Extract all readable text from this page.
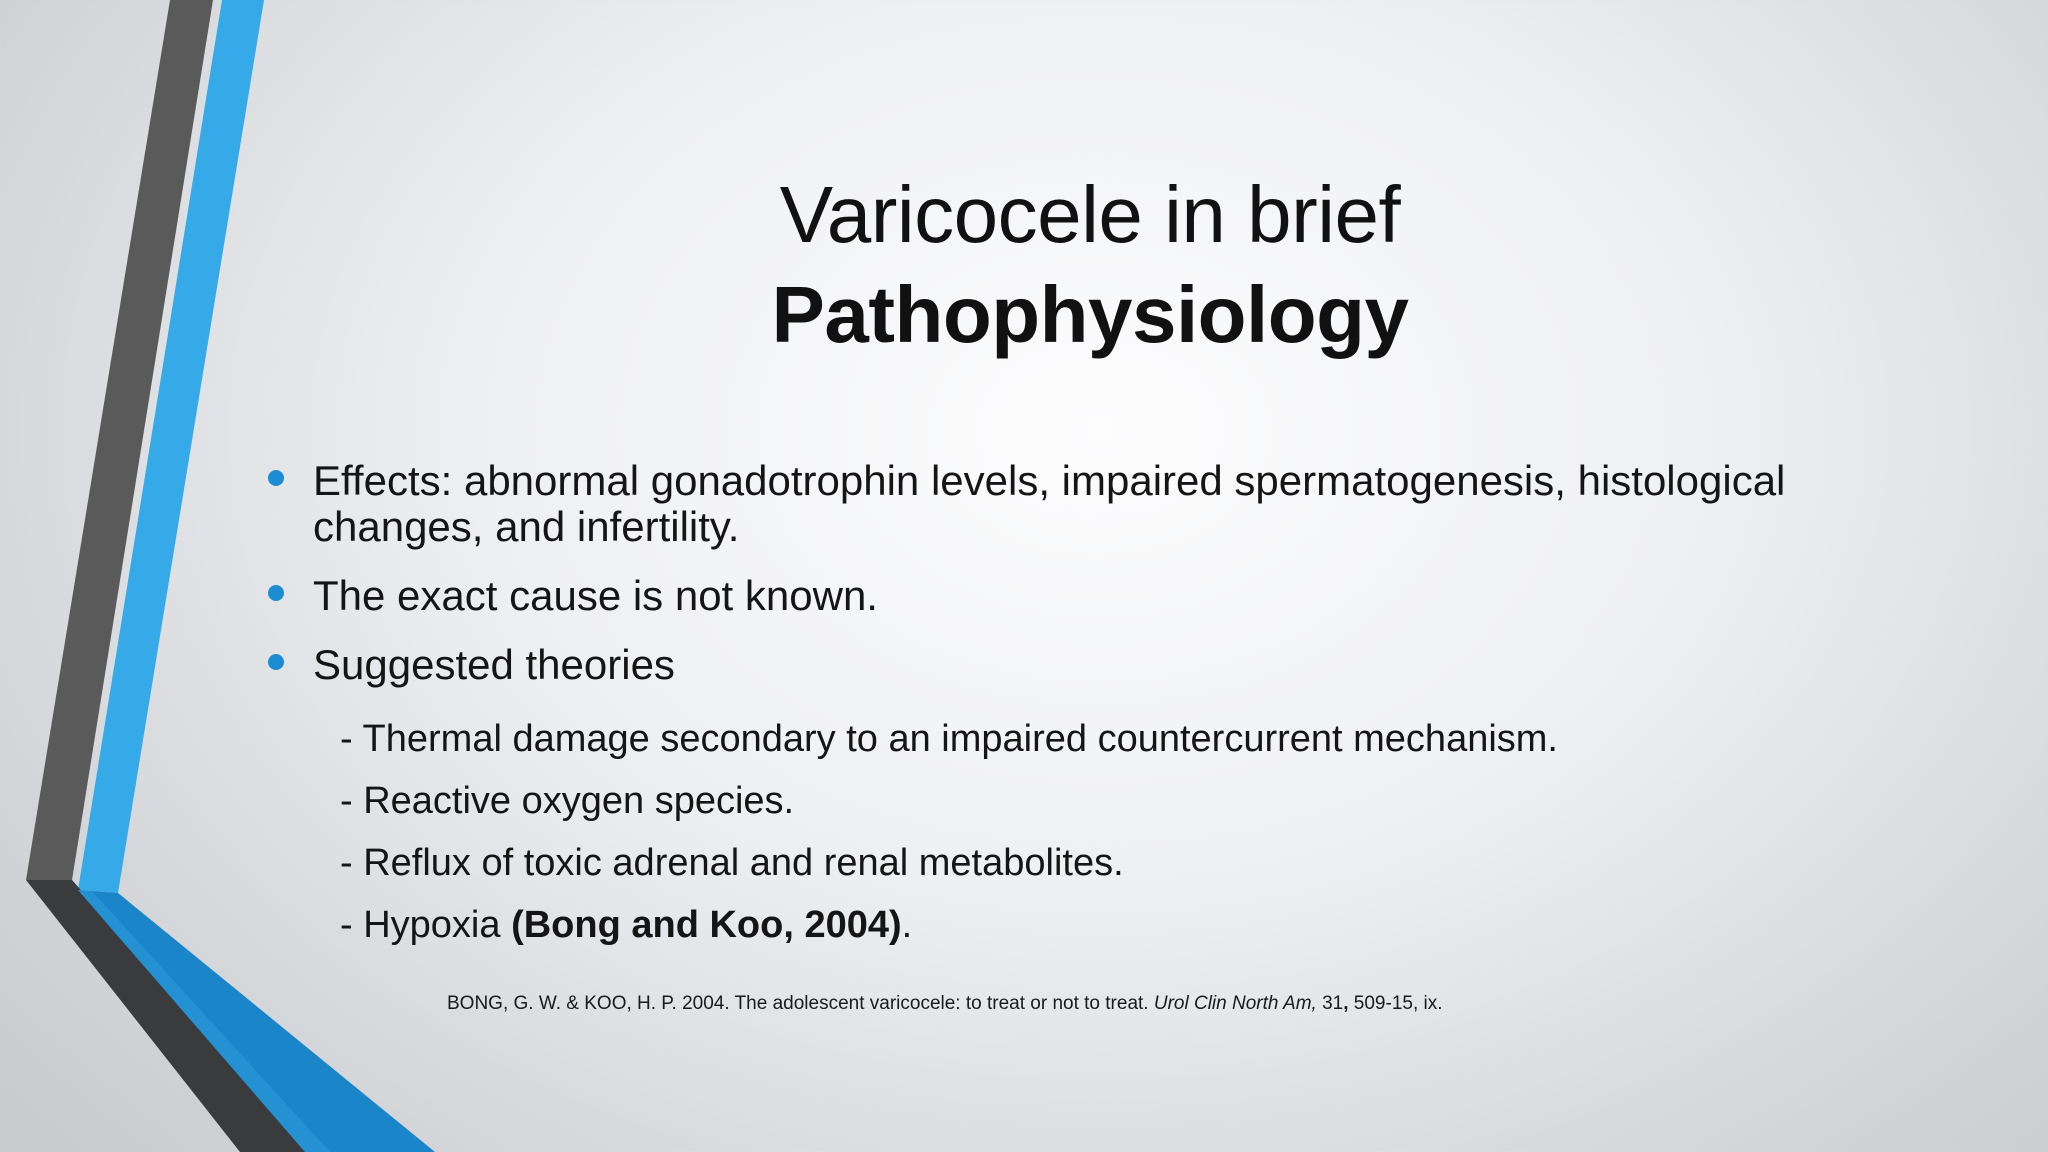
Varicocele in brief
Pathophysiology
Effects: abnormal gonadotrophin levels, impaired spermatogenesis, histological changes, and infertility.
The exact cause is not known.
Suggested theories
- Thermal damage secondary to an impaired countercurrent mechanism.
- Reactive oxygen species.
- Reflux of toxic adrenal and renal metabolites.
- Hypoxia (Bong and Koo, 2004).
BONG, G. W. & KOO, H. P. 2004. The adolescent varicocele: to treat or not to treat. Urol Clin North Am, 31, 509-15, ix.
